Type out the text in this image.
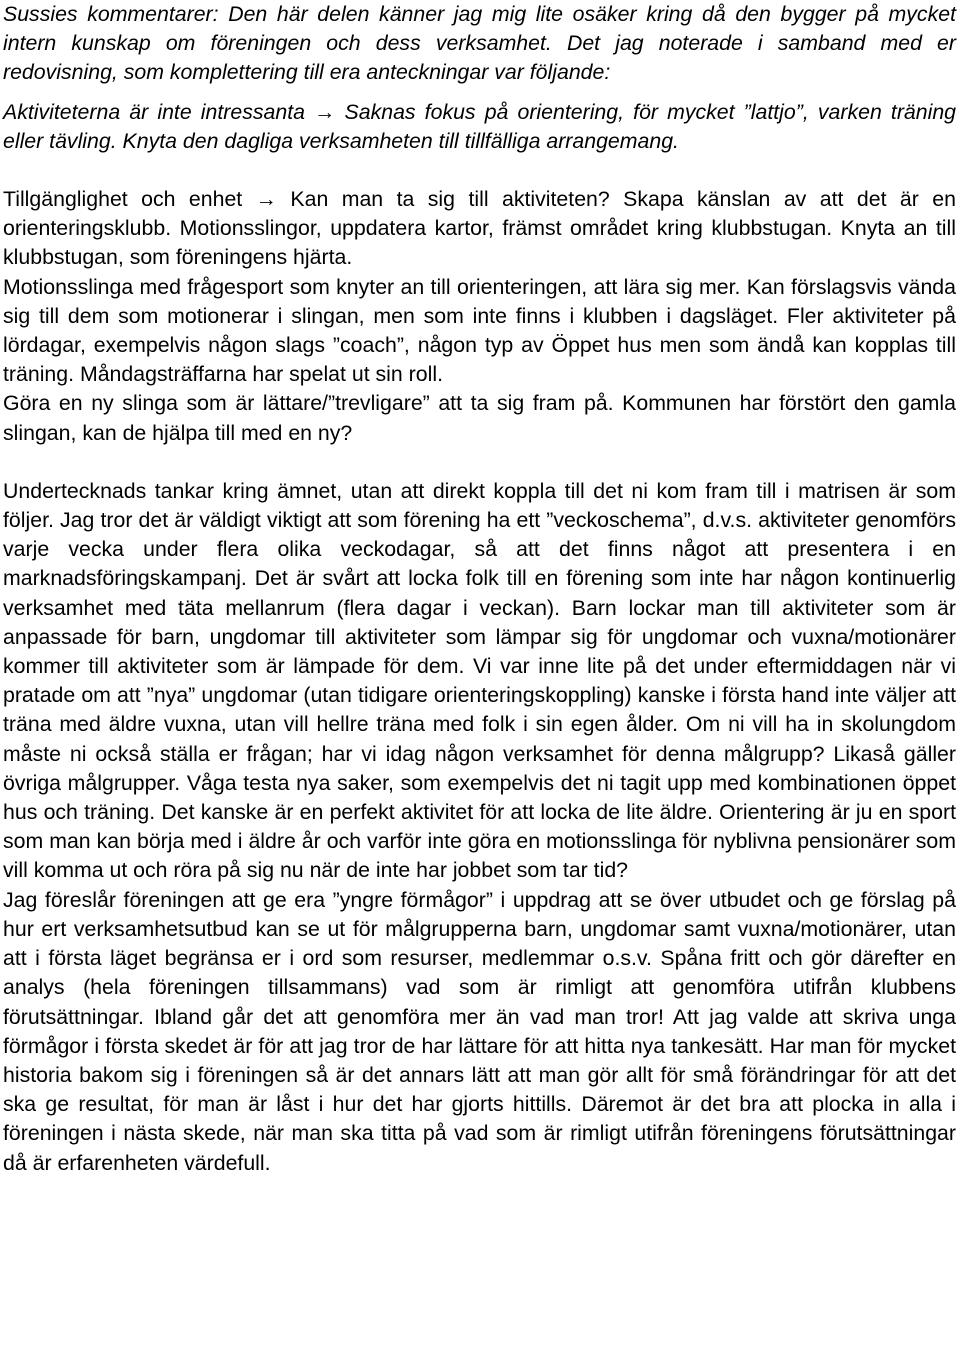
Sussies kommentarer: Den här delen känner jag mig lite osäker kring då den bygger på mycket intern kunskap om föreningen och dess verksamhet. Det jag noterade i samband med er redovisning, som komplettering till era anteckningar var följande:

Aktiviteterna är inte intressanta → Saknas fokus på orientering, för mycket ”lattjo”, varken träning eller tävling. Knyta den dagliga verksamheten till tillfälliga arrangemang.

Tillgänglighet och enhet → Kan man ta sig till aktiviteten? Skapa känslan av att det är en orienteringsklubb. Motionsslingor, uppdatera kartor, främst området kring klubbstugan. Knyta an till klubbstugan, som föreningens hjärta.

Motionsslinga med frågesport som knyter an till orienteringen, att lära sig mer. Kan förslagsvis vända sig till dem som motionerar i slingan, men som inte finns i klubben i dagsläget. Fler aktiviteter på lördagar, exempelvis någon slags ”coach”, någon typ av Öppet hus men som ändå kan kopplas till träning. Måndagsträffarna har spelat ut sin roll.

Göra en ny slinga som är lättare/”trevligare” att ta sig fram på. Kommunen har förstört den gamla slingan, kan de hjälpa till med en ny?

Undertecknads tankar kring ämnet, utan att direkt koppla till det ni kom fram till i matrisen är som följer. Jag tror det är väldigt viktigt att som förening ha ett ”veckoschema”, d.v.s. aktiviteter genomförs varje vecka under flera olika veckodagar, så att det finns något att presentera i en marknadsföringskampanj. Det är svårt att locka folk till en förening som inte har någon kontinuerlig verksamhet med täta mellanrum (flera dagar i veckan). Barn lockar man till aktiviteter som är anpassade för barn, ungdomar till aktiviteter som lämpar sig för ungdomar och vuxna/motionärer kommer till aktiviteter som är lämpade för dem. Vi var inne lite på det under eftermiddagen när vi pratade om att ”nya” ungdomar (utan tidigare orienteringskoppling) kanske i första hand inte väljer att träna med äldre vuxna, utan vill hellre träna med folk i sin egen ålder. Om ni vill ha in skolungdom måste ni också ställa er frågan; har vi idag någon verksamhet för denna målgrupp? Likaså gäller övriga målgrupper. Våga testa nya saker, som exempelvis det ni tagit upp med kombinationen öppet hus och träning. Det kanske är en perfekt aktivitet för att locka de lite äldre. Orientering är ju en sport som man kan börja med i äldre år och varför inte göra en motionsslinga för nyblivna pensionärer som vill komma ut och röra på sig nu när de inte har jobbet som tar tid?

Jag föreslår föreningen att ge era ”yngre förmågor” i uppdrag att se över utbudet och ge förslag på hur ert verksamhetsutbud kan se ut för målgrupperna barn, ungdomar samt vuxna/motionärer, utan att i första läget begränsa er i ord som resurser, medlemmar o.s.v. Spåna fritt och gör därefter en analys (hela föreningen tillsammans) vad som är rimligt att genomföra utifrån klubbens förutsättningar. Ibland går det att genomföra mer än vad man tror! Att jag valde att skriva unga förmågor i första skedet är för att jag tror de har lättare för att hitta nya tankesätt. Har man för mycket historia bakom sig i föreningen så är det annars lätt att man gör allt för små förändringar för att det ska ge resultat, för man är låst i hur det har gjorts hittills. Däremot är det bra att plocka in alla i föreningen i nästa skede, när man ska titta på vad som är rimligt utifrån föreningens förutsättningar då är erfarenheten värdefull.
